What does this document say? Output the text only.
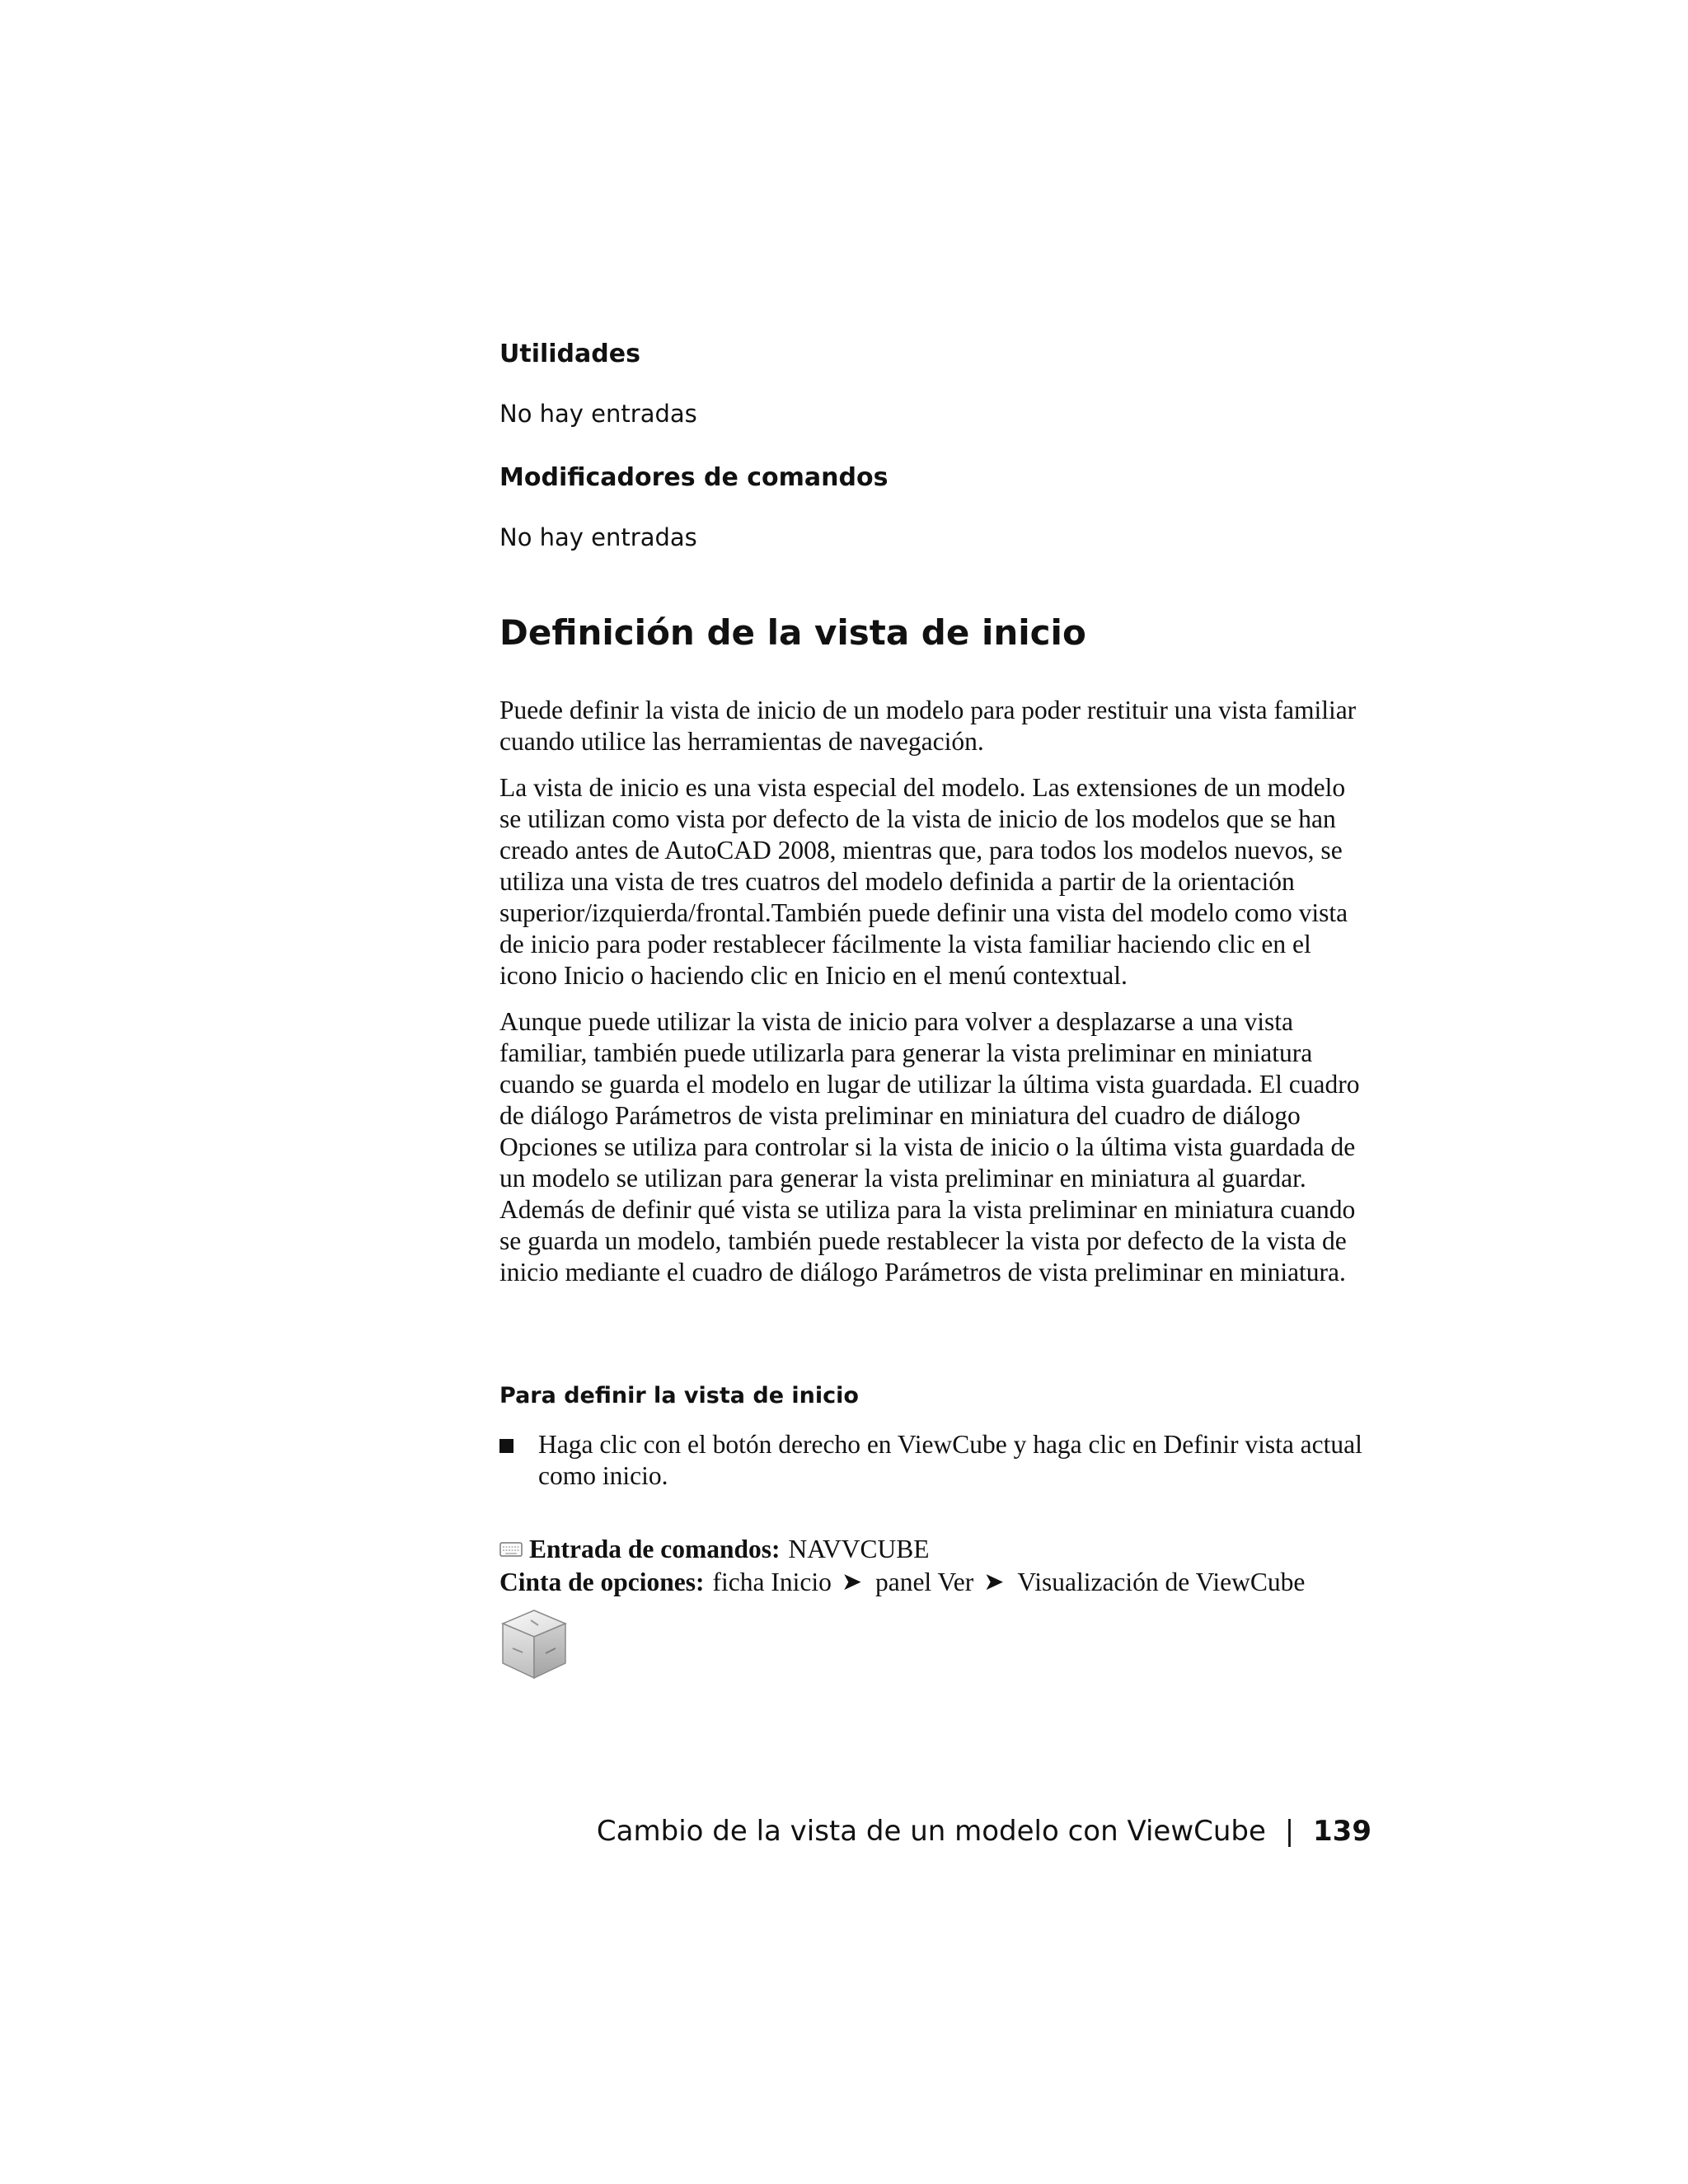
Utilidades

No hay entradas

Modificadores de comandos

No hay entradas

Definición de la vista de inicio

Puede definir la vista de inicio de un modelo para poder restituir una vista familiar cuando utilice las herramientas de navegación.

La vista de inicio es una vista especial del modelo. Las extensiones de un modelo se utilizan como vista por defecto de la vista de inicio de los modelos que se han creado antes de AutoCAD 2008, mientras que, para todos los modelos nuevos, se utiliza una vista de tres cuatros del modelo definida a partir de la orientación superior/izquierda/frontal.También puede definir una vista del modelo como vista de inicio para poder restablecer fácilmente la vista familiar haciendo clic en el icono Inicio o haciendo clic en Inicio en el menú contextual.

Aunque puede utilizar la vista de inicio para volver a desplazarse a una vista familiar, también puede utilizarla para generar la vista preliminar en miniatura cuando se guarda el modelo en lugar de utilizar la última vista guardada. El cuadro de diálogo Parámetros de vista preliminar en miniatura del cuadro de diálogo Opciones se utiliza para controlar si la vista de inicio o la última vista guardada de un modelo se utilizan para generar la vista preliminar en miniatura al guardar. Además de definir qué vista se utiliza para la vista preliminar en miniatura cuando se guarda un modelo, también puede restablecer la vista por defecto de la vista de inicio mediante el cuadro de diálogo Parámetros de vista preliminar en miniatura.

Para definir la vista de inicio

Haga clic con el botón derecho en ViewCube y haga clic en Definir vista actual como inicio.

Entrada de comandos: NAVVCUBE

Cinta de opciones: ficha Inicio ➤ panel Ver ➤ Visualización de ViewCube

Cambio de la vista de un modelo con ViewCube | 139
